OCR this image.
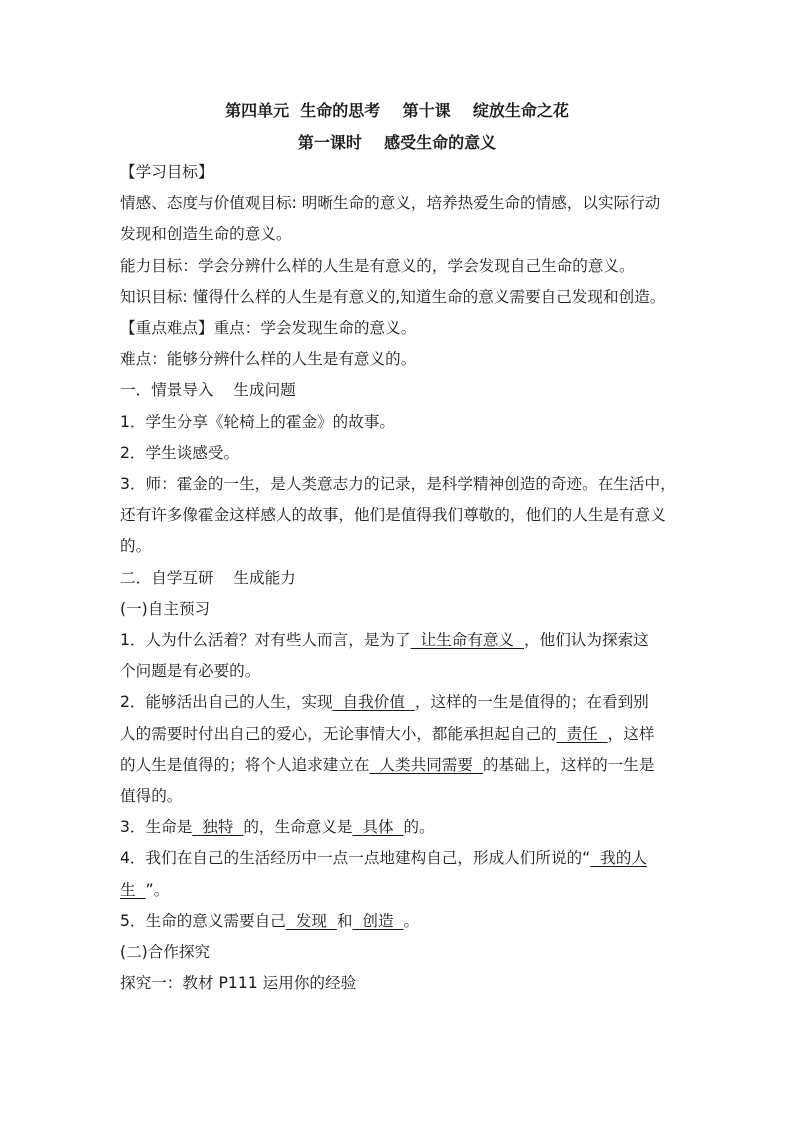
第四单元  生命的思考    第十课    绽放生命之花
第一课时    感受生命的意义
【学习目标】
情感、态度与价值观目标: 明晰生命的意义，培养热爱生命的情感，以实际行动
发现和创造生命的意义。
能力目标：学会分辨什么样的人生是有意义的，学会发现自己生命的意义。
知识目标: 懂得什么样的人生是有意义的,知道生命的意义需要自己发现和创造。
【重点难点】重点：学会发现生命的意义。
难点：能够分辨什么样的人生是有意义的。
一．情景导入    生成问题
1．学生分享《轮椅上的霍金》的故事。
2．学生谈感受。
3．师：霍金的一生，是人类意志力的记录，是科学精神创造的奇迹。在生活中，
还有许多像霍金这样感人的故事，他们是值得我们尊敬的，他们的人生是有意义
的。
二．自学互研    生成能力
(一)自主预习
1．人为什么活着？对有些人而言，是为了  让生命有意义  ，他们认为探索这
个问题是有必要的。
2．能够活出自己的人生，实现  自我价值  ，这样的一生是值得的；在看到别
人的需要时付出自己的爱心，无论事情大小，都能承担起自己的  责任  ，这样
的人生是值得的；将个人追求建立在  人类共同需要  的基础上，这样的一生是
值得的。
3．生命是  独特  的，生命意义是  具体  的。
4．我们在自己的生活经历中一点一点地建构自己，形成人们所说的“  我的人
生  ”。
5．生命的意义需要自己  发现  和  创造  。
(二)合作探究
探究一：教材 P111 运用你的经验
